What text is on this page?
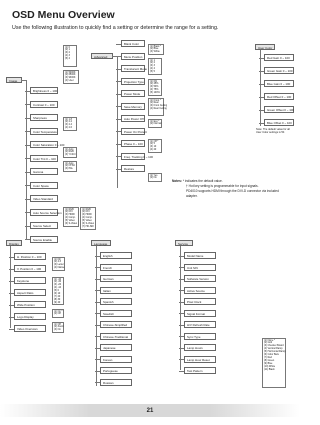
OSD Menu Overview
Use the following illustration to quickly find a setting or determine the range for a setting.
Image
Brightness 0 ~ 100
Contrast 0 ~ 100
Sharpness
Color Temperature
Color Saturation 0 ~ 100
Color Tint 0 ~ 100
Gamma
Color Space
Video Standard
Auto Source Selection
Source Select
Source Enable
(1) 0
(2) 1
(3) 2
(4) 3
(5) 4
(1) 5000K
(2) 6500K
(3) 9300K
(4) User
(1) 1.8
(2) 2.2
(3) 2.4
(4) 2.6
(1) Auto
(2) RGB
(3) YCbCr
(1) Auto
(2) NTSC
(3) PAL
(1) RGB
(2) DVI
(3) HDMI
(4) Comp.
(5) Video
(6) S-Video
(1) RGB
(2) DVI
(3) HDMI
(4) Comp.
(5) Video
(6) S-Video
(7) HD-SDI
Advanced
Blank Color
Menu Position
Translucent Menu
Projection Type
Power Mode
Save Memory
Auto Power Off
Power On Protect
Phase 0 ~ 100
Freq. Tracking 0 ~ 100
Restore
(1) Black *
(2) Blue
(3) White
(1) 1
(2) 2
(3) 3
(4) 4
(5) 5
(1) 0%
(2) 25%
(3) 50%
(4) 75%
(5) 100%
(1) Front *
(2) Rear
(3) Front Ceiling
(4) Rear Ceiling
(1) Eco *
(2) Normal
(1) Off *
(2) 5
(3) 10
(4) 20
(1) Yes
(2) No
User Color
Red Gain 0 ~ 100
Green Gain 0 ~ 100
Blue Gain 0 ~ 100
Red Offset 0 ~ 100
Green Offset 0 ~ 100
Blue Offset 0 ~ 100
Note: The default value for all User Color settings is 50.
Notes: * indicates the default value.
† Hot key setting is programmable for input signals.
PD4010 supports HDMI through the DVI-D connector via included adapter.
Display
H. Position 0 ~ 100
V. Position 0 ~ 100
Keystone
Aspect Ratio
Wide Position
Logo Display
Video Overscan
(1) -40
(2) -30
(3) -20
(4) -10
(5) 0
(6) 10
(7) 20
(8) 30
(9) 40
(1) Fill
(2) 4:3
(3) Letter
(4) Native
(1) On *
(2) Off
(1) Off
(2) Zoom
(3) On
Language
English
French
German
Italian
Spanish
Swedish
Chinese-Simplified
Chinese-Traditional
Japanese
Korean
Portuguese
Russian
Service
Model Name
Unit S/N
Software Version
Active Source
Pixel Clock
Signal Format
H/V Refresh Rate
Sync Type
Lamp Hours
Lamp Hour Reset
Test Pattern
(1) None *
(2) Grid
(3) Checker Board
(4) Vertical Ramp
(5) Horizontal Ramp
(6) Color Bars
(7) Red
(8) Green
(9) Blue
(10) White
(11) Black
21
